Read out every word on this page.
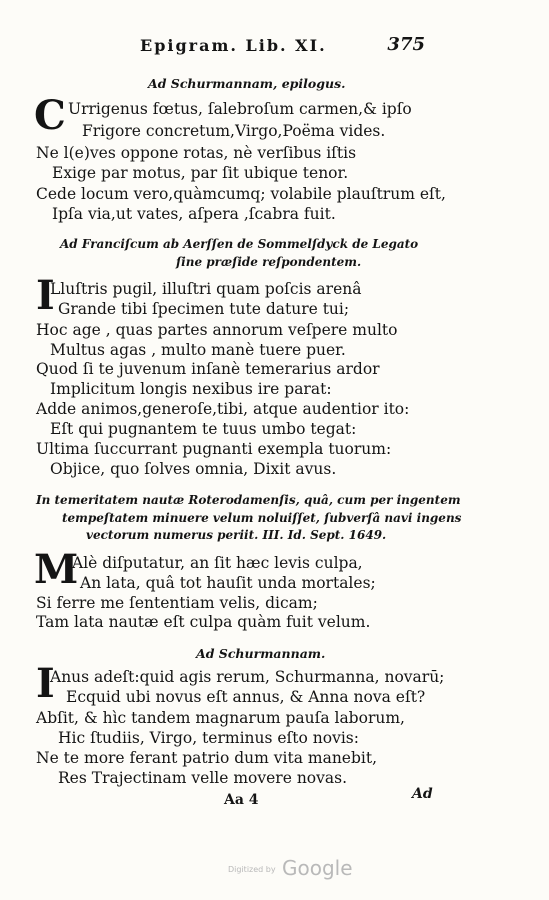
Epigram. Lib. XI.	375
Ad Schurmannam, epilogus.
C Urrigenus fœtus, ſalebroſum carmen,& ipſo
Frigore concretum,Virgo,Poëma vides.
Ne l(e)ves oppone rotas, nè verſibus iſtis
Exige par motus, par ſit ubique tenor.
Cede locum vero,quàmcumq; volabile plauſtrum eſt,
Ipſa via,ut vates, aſpera ,ſcabra fuit.
Ad Franciſcum ab Aerſſen de Sommelſdyck de Legato
ſine præſide reſpondentem.
I
Lluſtris pugil, illuſtri quam poſcis arenâ
Grande tibi ſpecimen tute dature tui;
Hoc age , quas partes annorum veſpere multo
Multus agas , multo manè tuere puer.
Quod ſi te juvenum inſanè temerarius ardor
Implicitum longis nexibus ire parat:
Adde animos,generoſe,tibi, atque audentior ito:
Eſt qui pugnantem te tuus umbo tegat:
Ultima ſuccurrant pugnanti exempla tuorum:
Objice, quo ſolves omnia, Dixit avus.
In temeritatem nautæ Roterodamenſis, quâ, cum per ingentem
tempeſtatem minuere velum noluiſſet, ſubverſâ navi ingens
vectorum numerus periit. III. Id. Sept. 1649.
M
Alè diſputatur, an ſit hæc levis culpa,
An lata, quâ tot hauſit unda mortales;
Si ferre me ſententiam velis, dicam;
Tam lata nautæ eſt culpa quàm fuit velum.
Ad Schurmannam.
I
Anus adeſt:quid agis rerum, Schurmanna, novarū;
Ecquid ubi novus eſt annus, & Anna nova eſt?
Abſit, & hìc tandem magnarum pauſa laborum,
Hic ſtudiis, Virgo, terminus eſto novis:
Ne te more ferant patrio dum vita manebit,
Res Trajectinam velle movere novas.
Aa 4	Ad
Digitized by Google
